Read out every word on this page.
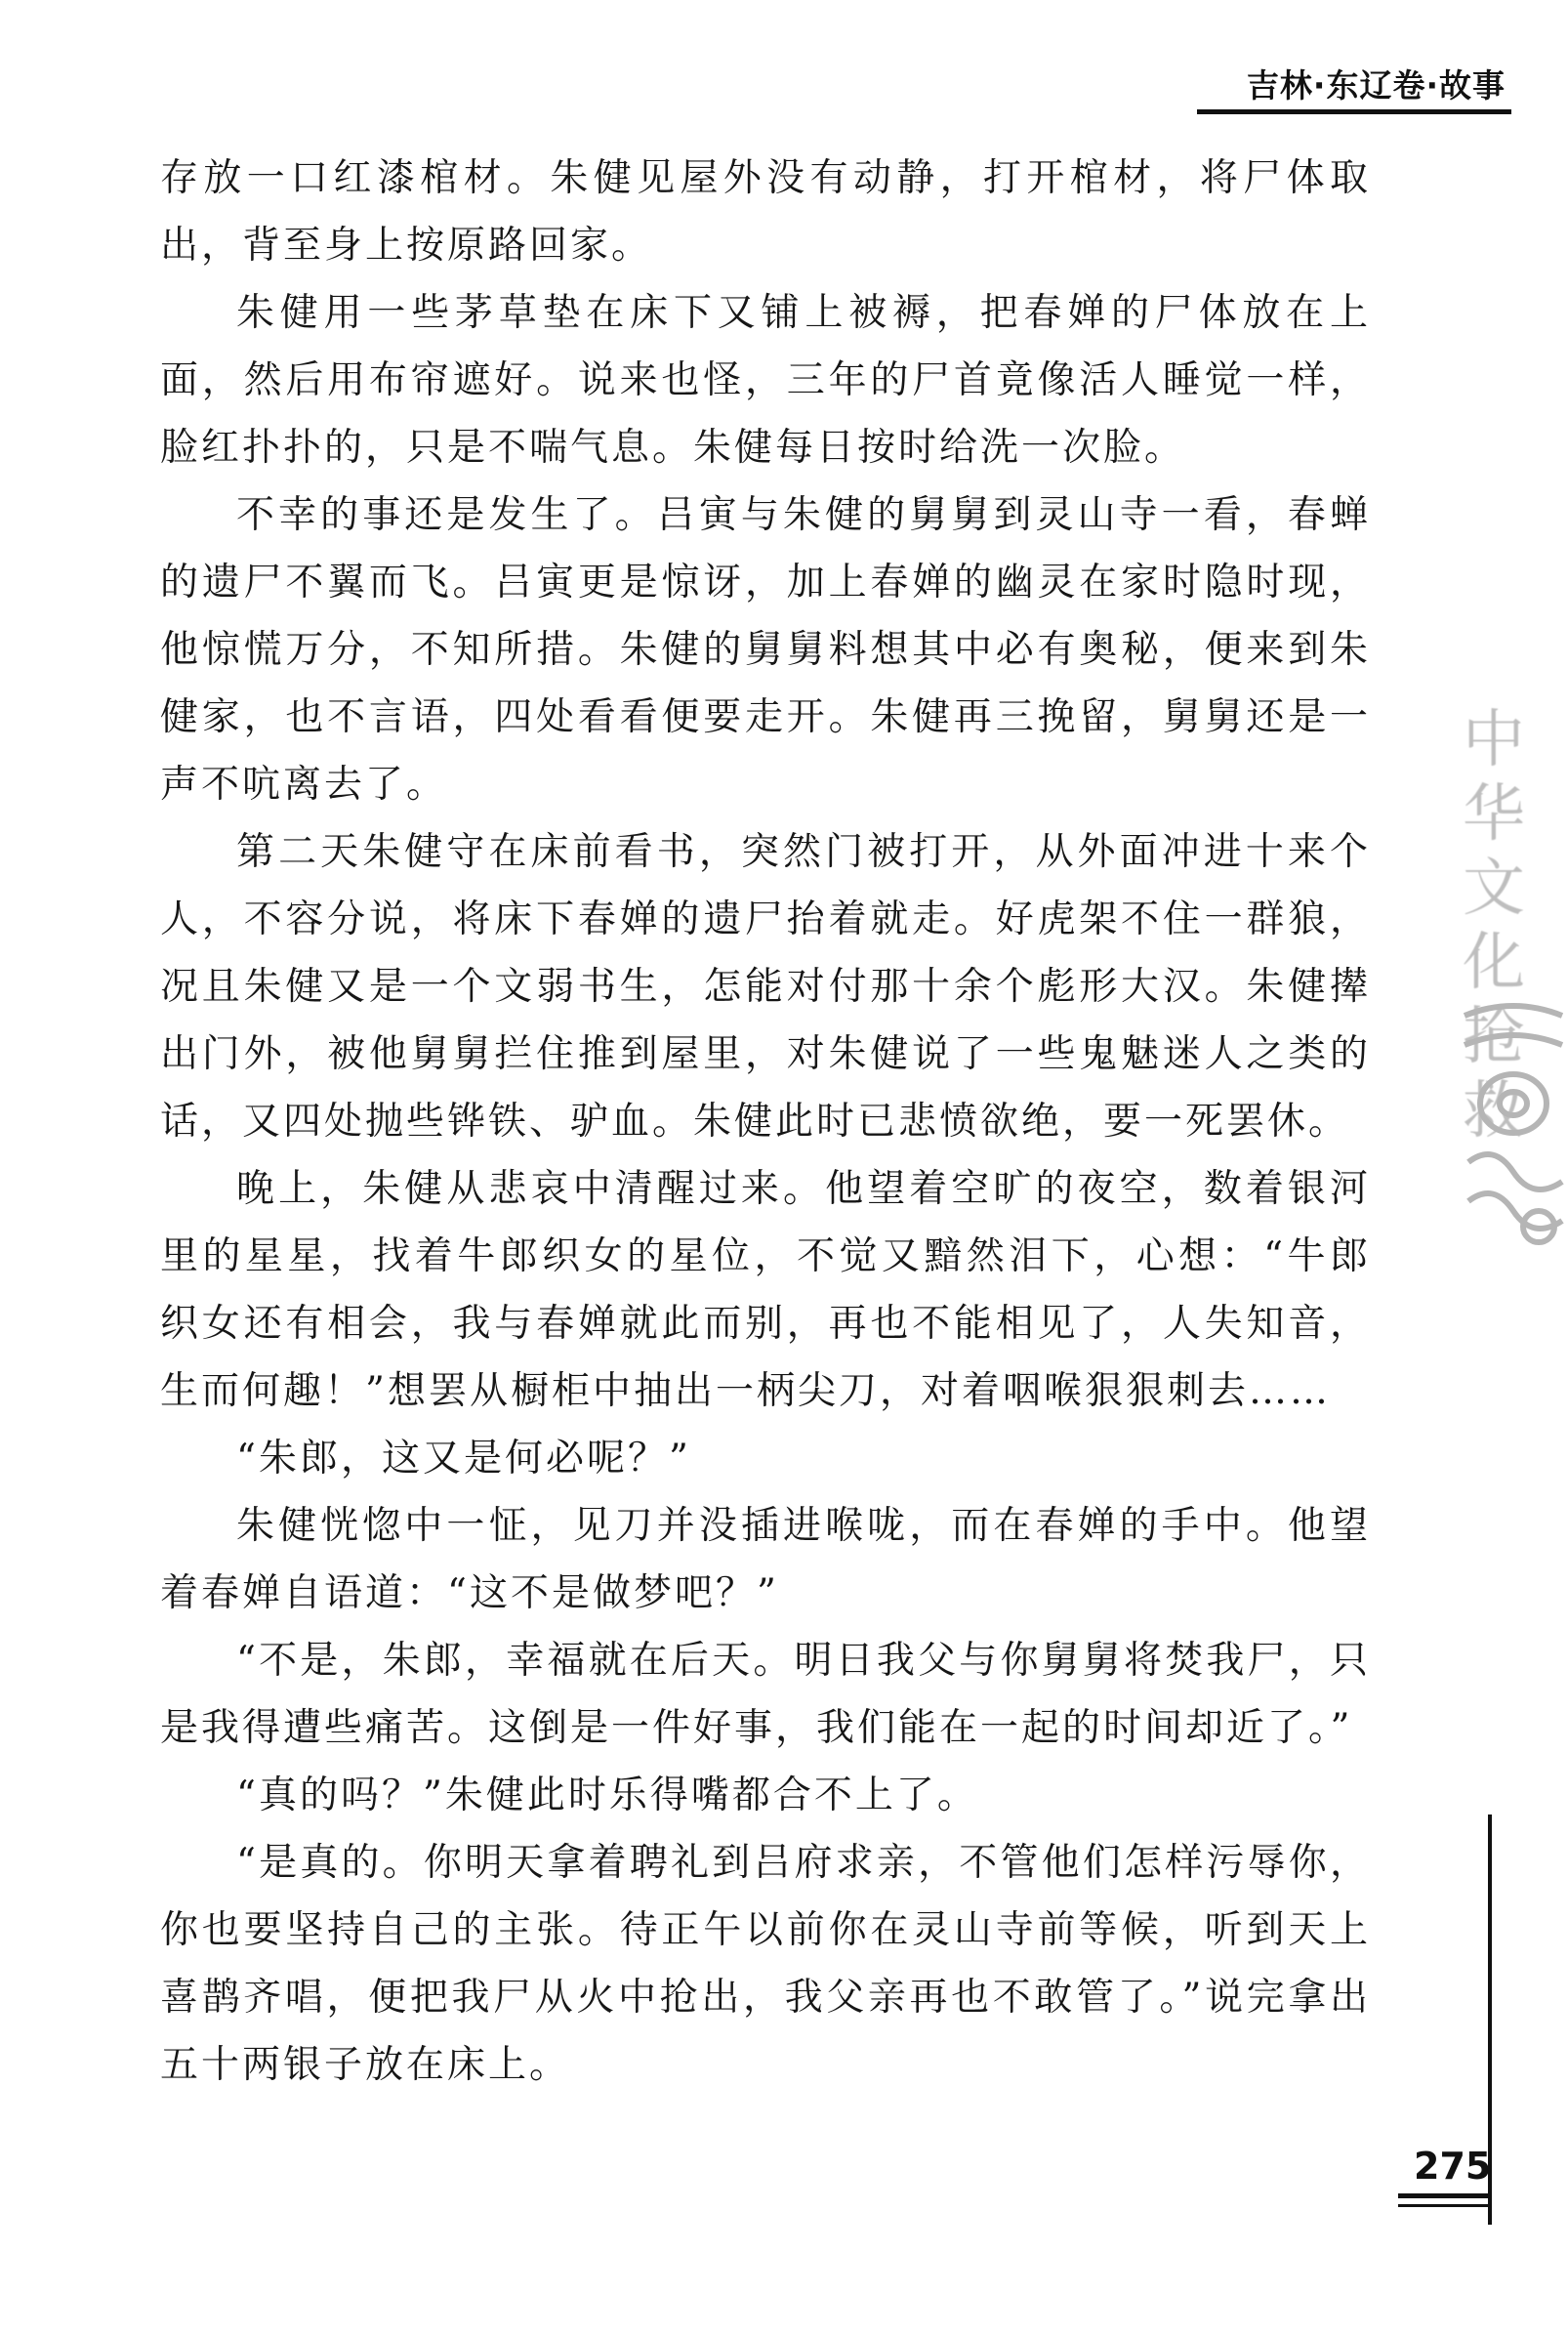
吉林·东辽卷·故事

存放一口红漆棺材。朱健见屋外没有动静，打开棺材，将尸体取出，背至身上按原路回家。

朱健用一些茅草垫在床下又铺上被褥，把春婵的尸体放在上面，然后用布帘遮好。说来也怪，三年的尸首竟像活人睡觉一样，脸红扑扑的，只是不喘气息。朱健每日按时给洗一次脸。

不幸的事还是发生了。吕寅与朱健的舅舅到灵山寺一看，春蝉的遗尸不翼而飞。吕寅更是惊讶，加上春婵的幽灵在家时隐时现，他惊慌万分，不知所措。朱健的舅舅料想其中必有奥秘，便来到朱健家，也不言语，四处看看便要走开。朱健再三挽留，舅舅还是一声不吭离去了。

第二天朱健守在床前看书，突然门被打开，从外面冲进十来个人，不容分说，将床下春婵的遗尸抬着就走。好虎架不住一群狼，况且朱健又是一个文弱书生，怎能对付那十余个彪形大汉。朱健撵出门外，被他舅舅拦住推到屋里，对朱健说了一些鬼魅迷人之类的话，又四处抛些铧铁、驴血。朱健此时已悲愤欲绝，要一死罢休。

晚上，朱健从悲哀中清醒过来。他望着空旷的夜空，数着银河里的星星，找着牛郎织女的星位，不觉又黯然泪下，心想：“牛郎织女还有相会，我与春婵就此而别，再也不能相见了，人失知音，生而何趣！”想罢从橱柜中抽出一柄尖刀，对着咽喉狠狠刺去……

“朱郎，这又是何必呢？”

朱健恍惚中一怔，见刀并没插进喉咙，而在春婵的手中。他望着春婵自语道：“这不是做梦吧？”

“不是，朱郎，幸福就在后天。明日我父与你舅舅将焚我尸，只是我得遭些痛苦。这倒是一件好事，我们能在一起的时间却近了。”

“真的吗？”朱健此时乐得嘴都合不上了。

“是真的。你明天拿着聘礼到吕府求亲，不管他们怎样污辱你，你也要坚持自己的主张。待正午以前你在灵山寺前等候，听到天上喜鹊齐唱，便把我尸从火中抢出，我父亲再也不敢管了。”说完拿出五十两银子放在床上。

中华文化抢救
275
